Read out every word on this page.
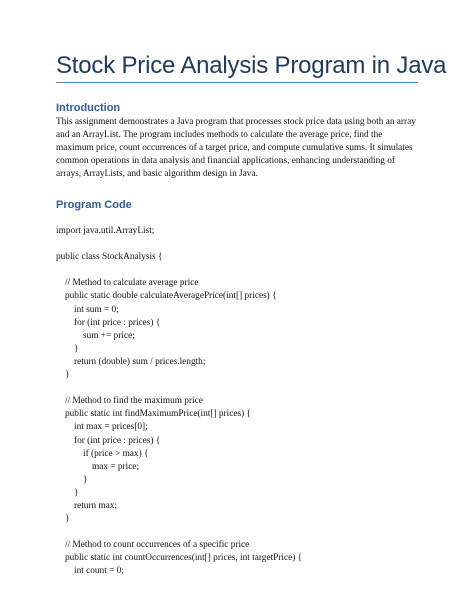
Stock Price Analysis Program in Java
Introduction

This assignment demonstrates a Java program that processes stock price data using both an array
and an ArrayList. The program includes methods to calculate the average price, find the
maximum price, count occurrences of a target price, and compute cumulative sums. It simulates
common operations in data analysis and financial applications, enhancing understanding of
arrays, ArrayLists, and basic algorithm design in Java.

Program Code
import java.util.ArrayList;
public class StockAnalysis {
// Method to calculate average price
public static double calculateAveragePrice(int[] prices) {
int sum = 0;
for (int price : prices) {
sum += price;
}
return (double) sum / prices.length;
}
// Method to find the maximum price
public static int findMaximumPrice(int[] prices) {
int max = prices[0];
for (int price : prices) {
if (price > max) {
max = price;
}
}
return max;
}
// Method to count occurrences of a specific price
public static int countOccurrences(int[] prices, int targetPrice) {
int count = 0;
